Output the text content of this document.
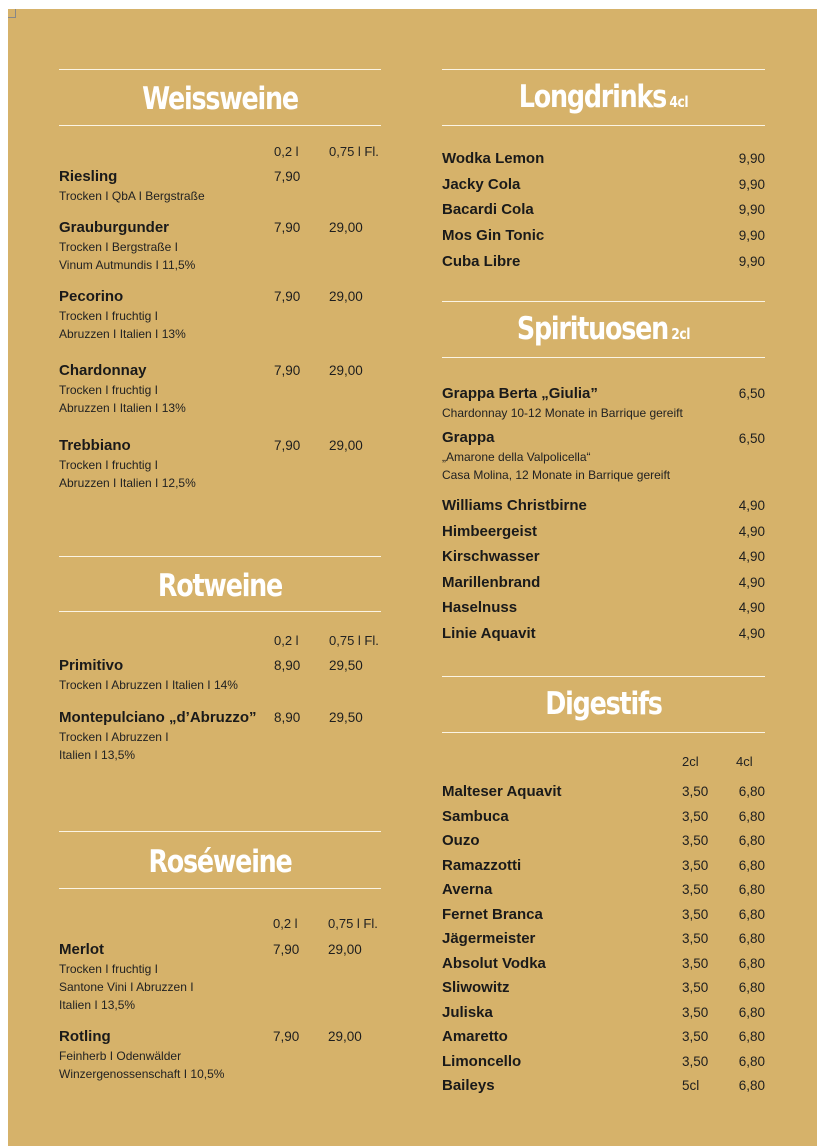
Weissweine
0,2 l 0,75 l Fl.
Riesling
Trocken I QbA I Bergstraße
7,90
Grauburgunder
Trocken I Bergstraße I
Vinum Autmundis I 11,5%
7,90 29,00
Pecorino
Trocken I fruchtig I
Abruzzen I Italien I 13%
7,90 29,00
Chardonnay
Trocken I fruchtig I
Abruzzen I Italien I 13%
7,90 29,00
Trebbiano
Trocken I fruchtig I
Abruzzen I Italien I 12,5%
7,90 29,00
Rotweine
0,2 l 0,75 l Fl.
Primitivo
Trocken I Abruzzen I Italien I 14%
8,90 29,50
Montepulciano „d’Abruzzo”
Trocken I Abruzzen I
Italien I 13,5%
8,90 29,50
Roséweine
0,2 l 0,75 l Fl.
Merlot
Trocken I fruchtig I
Santone Vini I Abruzzen I
Italien I 13,5%
7,90 29,00
Rotling
Feinherb I Odenwälder
Winzergenossenschaft I 10,5%
7,90 29,00
Longdrinks 4cl
Wodka Lemon	9,90
Jacky Cola	9,90
Bacardi Cola	9,90
Mos Gin Tonic	9,90
Cuba Libre	9,90
Spirituosen 2cl
Grappa Berta „Giulia”
Chardonnay 10-12 Monate in Barrique gereift
6,50
Grappa
„Amarone della Valpolicella“
Casa Molina, 12 Monate in Barrique gereift
6,50
Williams Christbirne	4,90
Himbeergeist	4,90
Kirschwasser	4,90
Marillenbrand	4,90
Haselnuss	4,90
Linie Aquavit	4,90
Digestifs
2cl	4cl
Malteser Aquavit	3,50 6,80
Sambuca	3,50 6,80
Ouzo	3,50 6,80
Ramazzotti	3,50 6,80
Averna	3,50 6,80
Fernet Branca	3,50 6,80
Jägermeister	3,50 6,80
Absolut Vodka	3,50 6,80
Sliwowitz	3,50 6,80
Juliska	3,50 6,80
Amaretto	3,50 6,80
Limoncello	3,50 6,80
Baileys	5cl	6,80
